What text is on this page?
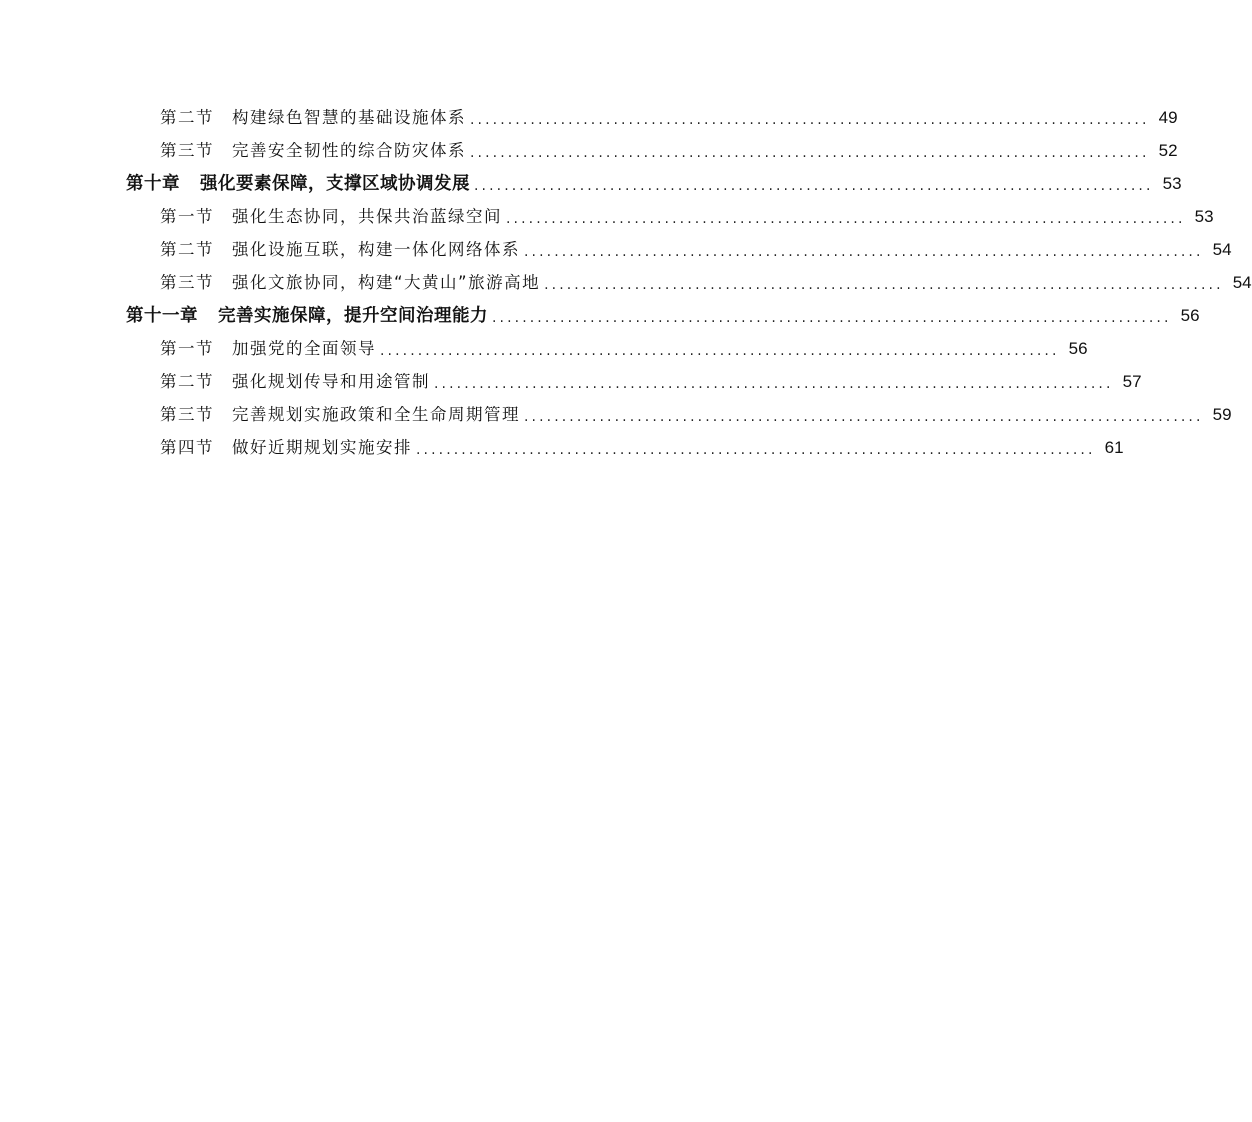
第二节 构建绿色智慧的基础设施体系 .......................................................................................... 49
第三节 完善安全韧性的综合防灾体系 .......................................................................................... 52
第十章 强化要素保障，支撑区域协调发展 .......................................................................................... 53
第一节 强化生态协同，共保共治蓝绿空间 .......................................................................................... 53
第二节 强化设施互联，构建一体化网络体系 .......................................................................................... 54
第三节 强化文旅协同，构建“大黄山”旅游高地 .......................................................................................... 54
第十一章 完善实施保障，提升空间治理能力 .......................................................................................... 56
第一节 加强党的全面领导 .......................................................................................... 56
第二节 强化规划传导和用途管制 .......................................................................................... 57
第三节 完善规划实施政策和全生命周期管理 .......................................................................................... 59
第四节 做好近期规划实施安排 .......................................................................................... 61
